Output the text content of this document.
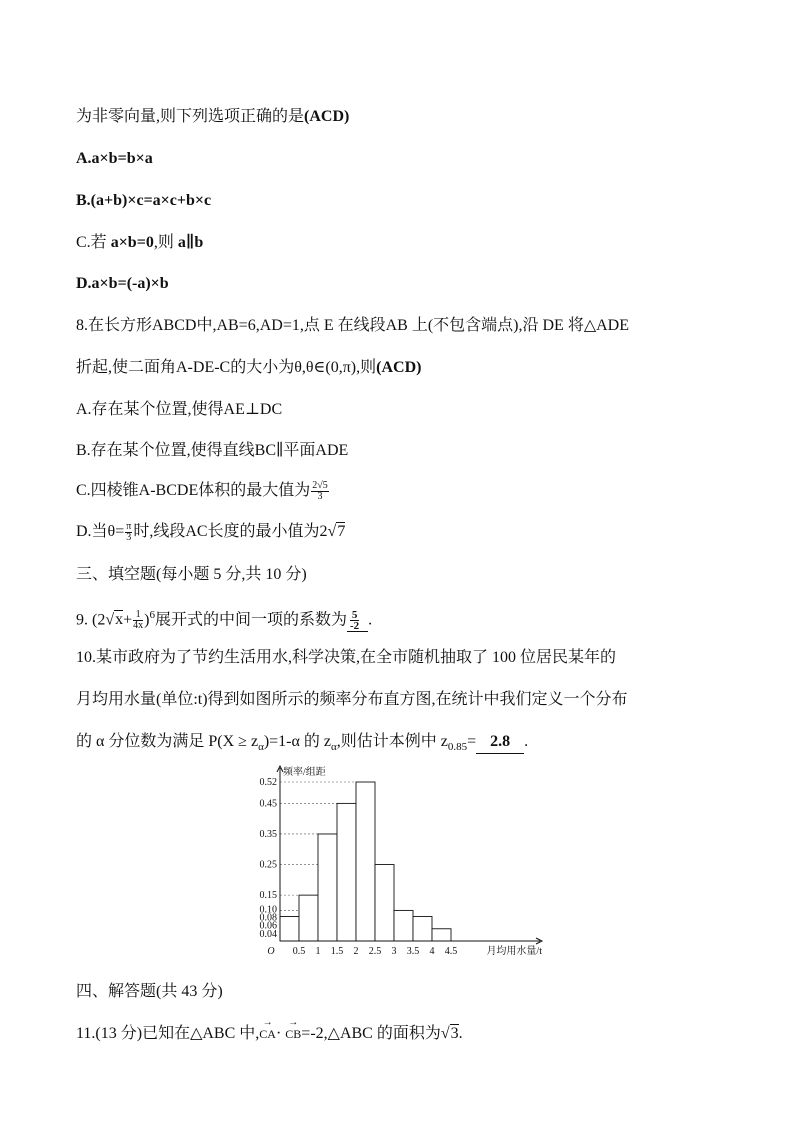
为非零向量,则下列选项正确的是(ACD)
A.a×b=b×a
B.(a+b)×c=a×c+b×c
C.若 a×b=0,则 a∥b
D.a×b=(-a)×b
8.在长方形ABCD中,AB=6,AD=1,点 E 在线段AB 上(不包含端点),沿 DE 将△ADE
折起,使二面角A-DE-C的大小为θ,θ∈(0,π),则(ACD)
A.存在某个位置,使得AE⊥DC
B.存在某个位置,使得直线BC∥平面ADE
C.四棱锥A-BCDE体积的最大值为 $\frac{2√5}{3}$
D.当$\theta= \frac{\pi}{3}$ 时,线段AC长度的最小值为2√7
三、填空题(每小题 5 分,共 10 分)
9. $(2√x+ \frac{1}{4x} )^6$展开式的中间一项的系数为 $\frac{5}{-2}$ .
10.某市政府为了节约生活用水,科学决策,在全市随机抽取了 100 位居民某年的
月均用水量(单位:t)得到如图所示的频率分布直方图,在统计中我们定义一个分布
的 α 分位数为满足 $P(X \ge z_\alpha)=1-\alpha$ 的 $z_\alpha$,则估计本例中 $z_{0.85}= 2.8$ .
0.52
0.45
0.35
0.25
0.15
0.10
0.08
0.06
0.04
0.5 1 1.5 2 2.5 3 3.5 4 4.5
O
频率/组距
月均用水量/t
四、解答题(共 43 分)
11.(13 分)已知在△ABC 中,
→
CA·
→
CB=-2,△ABC 的面积为√3.
